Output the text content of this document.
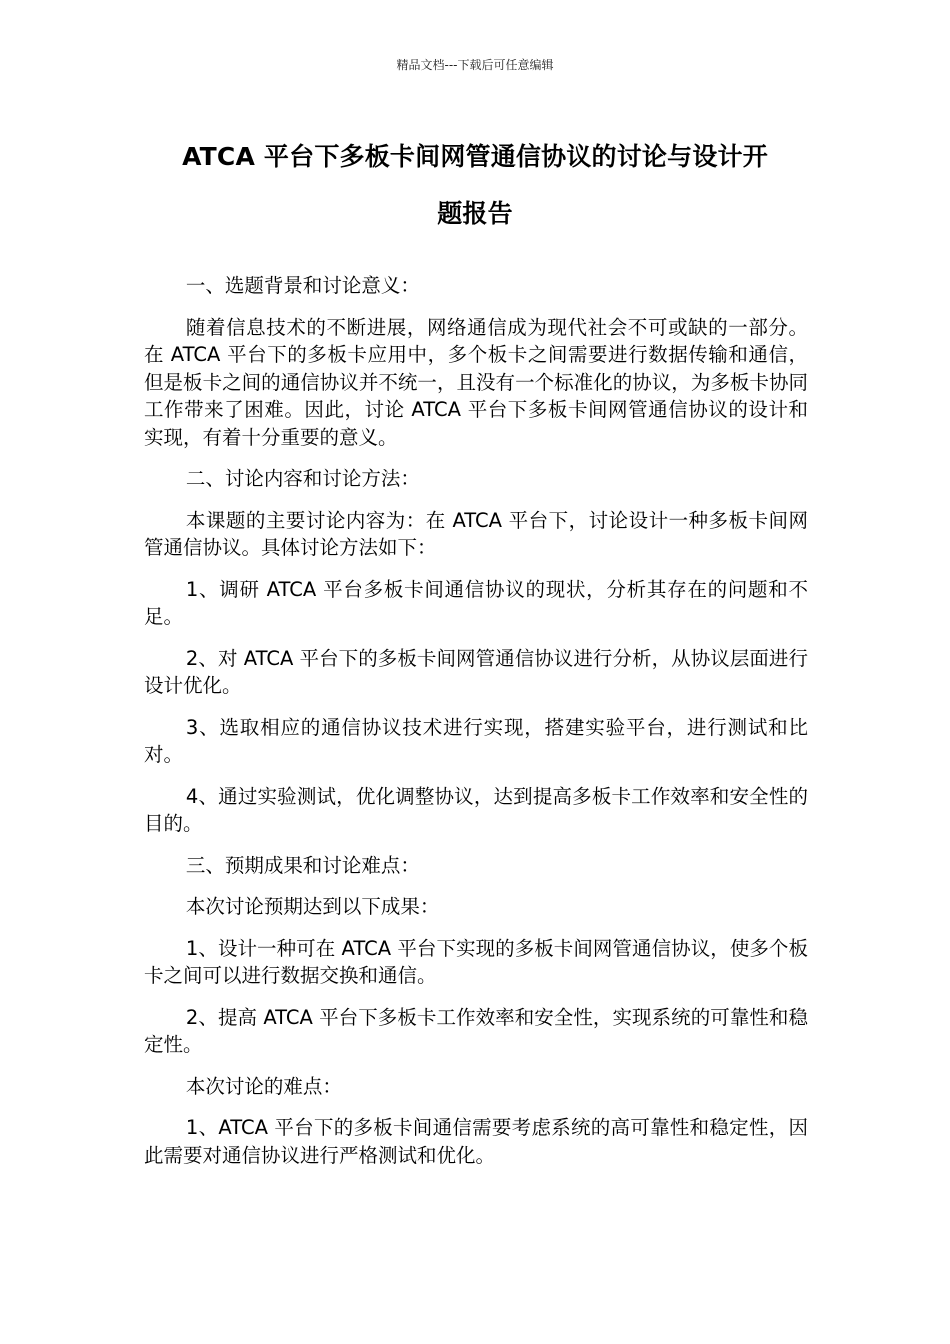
精品文档---下载后可任意编辑
ATCA 平台下多板卡间网管通信协议的讨论与设计开
题报告

一、选题背景和讨论意义：

随着信息技术的不断进展，网络通信成为现代社会不可或缺的一部分。在 ATCA 平台下的多板卡应用中，多个板卡之间需要进行数据传输和通信，但是板卡之间的通信协议并不统一，且没有一个标准化的协议，为多板卡协同工作带来了困难。因此，讨论 ATCA 平台下多板卡间网管通信协议的设计和实现，有着十分重要的意义。

二、讨论内容和讨论方法：

本课题的主要讨论内容为：在 ATCA 平台下，讨论设计一种多板卡间网管通信协议。具体讨论方法如下：

1、调研 ATCA 平台多板卡间通信协议的现状，分析其存在的问题和不足。

2、对 ATCA 平台下的多板卡间网管通信协议进行分析，从协议层面进行设计优化。

3、选取相应的通信协议技术进行实现，搭建实验平台，进行测试和比对。

4、通过实验测试，优化调整协议，达到提高多板卡工作效率和安全性的目的。

三、预期成果和讨论难点：

本次讨论预期达到以下成果：

1、设计一种可在 ATCA 平台下实现的多板卡间网管通信协议，使多个板卡之间可以进行数据交换和通信。

2、提高 ATCA 平台下多板卡工作效率和安全性，实现系统的可靠性和稳定性。

本次讨论的难点：

1、ATCA 平台下的多板卡间通信需要考虑系统的高可靠性和稳定性，因此需要对通信协议进行严格测试和优化。
